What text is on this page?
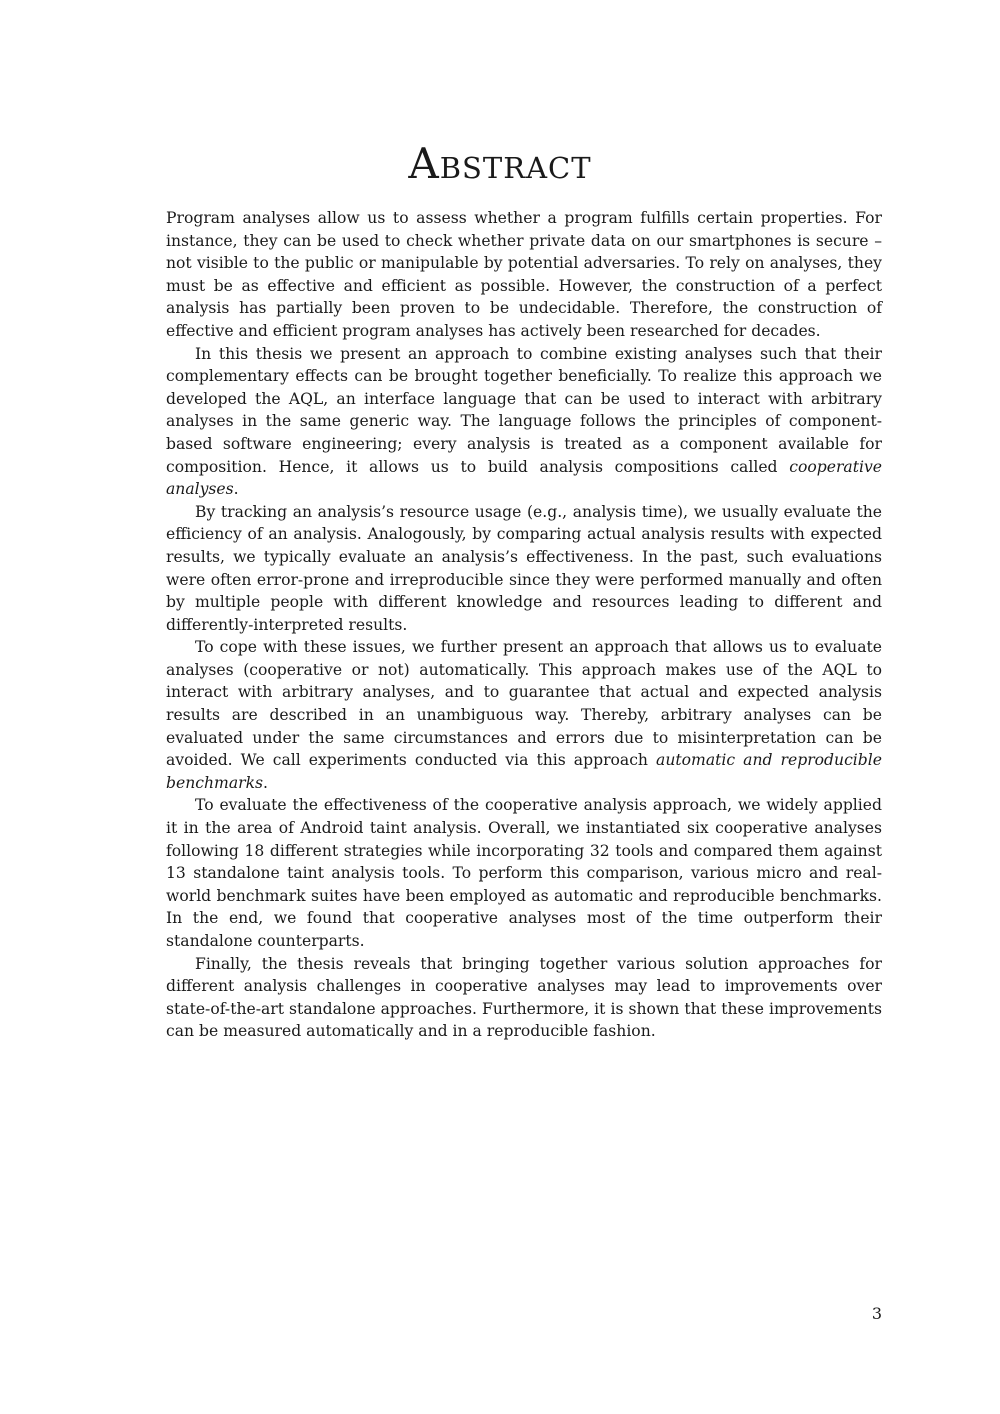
Abstract

Program analyses allow us to assess whether a program fulfills certain properties. For instance, they can be used to check whether private data on our smartphones is secure – not visible to the public or manipulable by potential adversaries. To rely on analyses, they must be as effective and efficient as possible. However, the construction of a perfect analysis has partially been proven to be undecidable. Therefore, the construction of effective and efficient program analyses has actively been researched for decades.

In this thesis we present an approach to combine existing analyses such that their complementary effects can be brought together beneficially. To realize this approach we developed the AQL, an interface language that can be used to interact with arbitrary analyses in the same generic way. The language follows the principles of component-based software engineering; every analysis is treated as a component available for composition. Hence, it allows us to build analysis compositions called cooperative analyses.

By tracking an analysis’s resource usage (e.g., analysis time), we usually evaluate the efficiency of an analysis. Analogously, by comparing actual analysis results with expected results, we typically evaluate an analysis’s effectiveness. In the past, such evaluations were often error-prone and irreproducible since they were performed manually and often by multiple people with different knowledge and resources leading to different and differently-interpreted results.

To cope with these issues, we further present an approach that allows us to evaluate analyses (cooperative or not) automatically. This approach makes use of the AQL to interact with arbitrary analyses, and to guarantee that actual and expected analysis results are described in an unambiguous way. Thereby, arbitrary analyses can be evaluated under the same circumstances and errors due to misinterpretation can be avoided. We call experiments conducted via this approach automatic and reproducible benchmarks.

To evaluate the effectiveness of the cooperative analysis approach, we widely applied it in the area of Android taint analysis. Overall, we instantiated six cooperative analyses following 18 different strategies while incorporating 32 tools and compared them against 13 standalone taint analysis tools. To perform this comparison, various micro and real-world benchmark suites have been employed as automatic and reproducible benchmarks. In the end, we found that cooperative analyses most of the time outperform their standalone counterparts.

Finally, the thesis reveals that bringing together various solution approaches for different analysis challenges in cooperative analyses may lead to improvements over state-of-the-art standalone approaches. Furthermore, it is shown that these improvements can be measured automatically and in a reproducible fashion.

3
